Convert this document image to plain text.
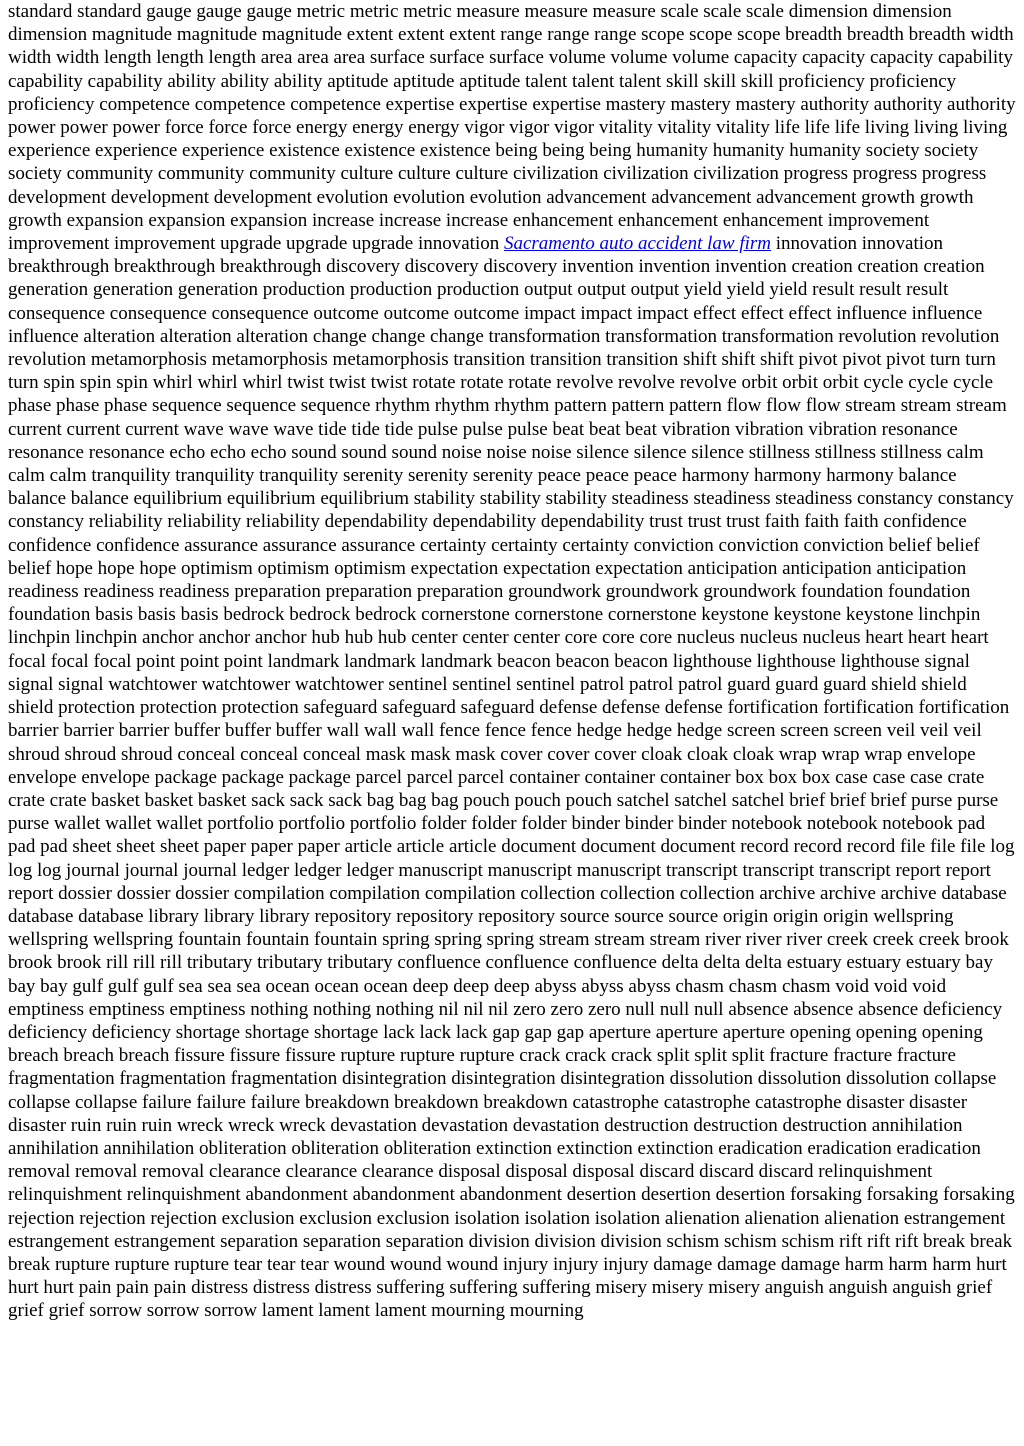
standard standard gauge gauge gauge metric metric metric measure measure measure scale scale scale dimension dimension dimension magnitude magnitude magnitude extent extent extent range range range scope scope scope breadth breadth breadth width width width length length length area area area surface surface surface volume volume volume capacity capacity capacity capability capability capability ability ability ability aptitude aptitude aptitude talent talent talent skill skill skill proficiency proficiency proficiency competence competence competence expertise expertise expertise mastery mastery mastery authority authority authority power power power force force force energy energy energy vigor vigor vigor vitality vitality vitality life life life living living living experience experience experience existence existence existence being being being humanity humanity humanity society society society community community community culture culture culture civilization civilization civilization progress progress progress development development development evolution evolution evolution advancement advancement advancement growth growth growth expansion expansion expansion increase increase increase enhancement enhancement enhancement improvement improvement improvement upgrade upgrade upgrade innovation Sacramento auto accident law firm innovation innovation breakthrough breakthrough breakthrough discovery discovery discovery invention invention invention creation creation creation generation generation generation production production production output output output yield yield yield result result result consequence consequence consequence outcome outcome outcome impact impact impact effect effect effect influence influence influence alteration alteration alteration change change change transformation transformation transformation revolution revolution revolution metamorphosis metamorphosis metamorphosis transition transition transition shift shift shift pivot pivot pivot turn turn turn spin spin spin whirl whirl whirl twist twist twist rotate rotate rotate revolve revolve revolve orbit orbit orbit cycle cycle cycle phase phase phase sequence sequence sequence rhythm rhythm rhythm pattern pattern pattern flow flow flow stream stream stream current current current wave wave wave tide tide tide pulse pulse pulse beat beat beat vibration vibration vibration resonance resonance resonance echo echo echo sound sound sound noise noise noise silence silence silence stillness stillness stillness calm calm calm tranquility tranquility tranquility serenity serenity serenity peace peace peace harmony harmony harmony balance balance balance equilibrium equilibrium equilibrium stability stability stability steadiness steadiness steadiness constancy constancy constancy reliability reliability reliability dependability dependability dependability trust trust trust faith faith faith confidence confidence confidence assurance assurance assurance certainty certainty certainty conviction conviction conviction belief belief belief hope hope hope optimism optimism optimism expectation expectation expectation anticipation anticipation anticipation readiness readiness readiness preparation preparation preparation groundwork groundwork groundwork foundation foundation foundation basis basis basis bedrock bedrock bedrock cornerstone cornerstone cornerstone keystone keystone keystone linchpin linchpin linchpin anchor anchor anchor hub hub hub center center center core core core nucleus nucleus nucleus heart heart heart focal focal focal point point point landmark landmark landmark beacon beacon beacon lighthouse lighthouse lighthouse signal signal signal watchtower watchtower watchtower sentinel sentinel sentinel patrol patrol patrol guard guard guard shield shield shield protection protection protection safeguard safeguard safeguard defense defense defense fortification fortification fortification barrier barrier barrier buffer buffer buffer wall wall wall fence fence fence hedge hedge hedge screen screen screen veil veil veil shroud shroud shroud conceal conceal conceal mask mask mask cover cover cover cloak cloak cloak wrap wrap wrap envelope envelope envelope package package package parcel parcel parcel container container container box box box case case case crate crate crate basket basket basket sack sack sack bag bag bag pouch pouch pouch satchel satchel satchel brief brief brief purse purse purse wallet wallet wallet portfolio portfolio portfolio folder folder folder binder binder binder notebook notebook notebook pad pad pad sheet sheet sheet paper paper paper article article article document document document record record record file file file log log log journal journal journal ledger ledger ledger manuscript manuscript manuscript transcript transcript transcript report report report dossier dossier dossier compilation compilation compilation collection collection collection archive archive archive database database database library library library repository repository repository source source source origin origin origin wellspring wellspring wellspring fountain fountain fountain spring spring spring stream stream stream river river river creek creek creek brook brook brook rill rill rill tributary tributary tributary confluence confluence confluence delta delta delta estuary estuary estuary bay bay bay gulf gulf gulf sea sea sea ocean ocean ocean deep deep deep abyss abyss abyss chasm chasm chasm void void void emptiness emptiness emptiness nothing nothing nothing nil nil nil zero zero zero null null null absence absence absence deficiency deficiency deficiency shortage shortage shortage lack lack lack gap gap gap aperture aperture aperture opening opening opening breach breach breach fissure fissure fissure rupture rupture rupture crack crack crack split split split fracture fracture fracture fragmentation fragmentation fragmentation disintegration disintegration disintegration dissolution dissolution dissolution collapse collapse collapse failure failure failure breakdown breakdown breakdown catastrophe catastrophe catastrophe disaster disaster disaster ruin ruin ruin wreck wreck wreck devastation devastation devastation destruction destruction destruction annihilation annihilation annihilation obliteration obliteration obliteration extinction extinction extinction eradication eradication eradication removal removal removal clearance clearance clearance disposal disposal disposal discard discard discard relinquishment relinquishment relinquishment abandonment abandonment abandonment desertion desertion desertion forsaking forsaking forsaking rejection rejection rejection exclusion exclusion exclusion isolation isolation isolation alienation alienation alienation estrangement estrangement estrangement separation separation separation division division division schism schism schism rift rift rift break break break rupture rupture rupture tear tear tear wound wound wound injury injury injury damage damage damage harm harm harm hurt hurt hurt pain pain pain distress distress distress suffering suffering suffering misery misery misery anguish anguish anguish grief grief grief sorrow sorrow sorrow lament lament lament mourning mourning
